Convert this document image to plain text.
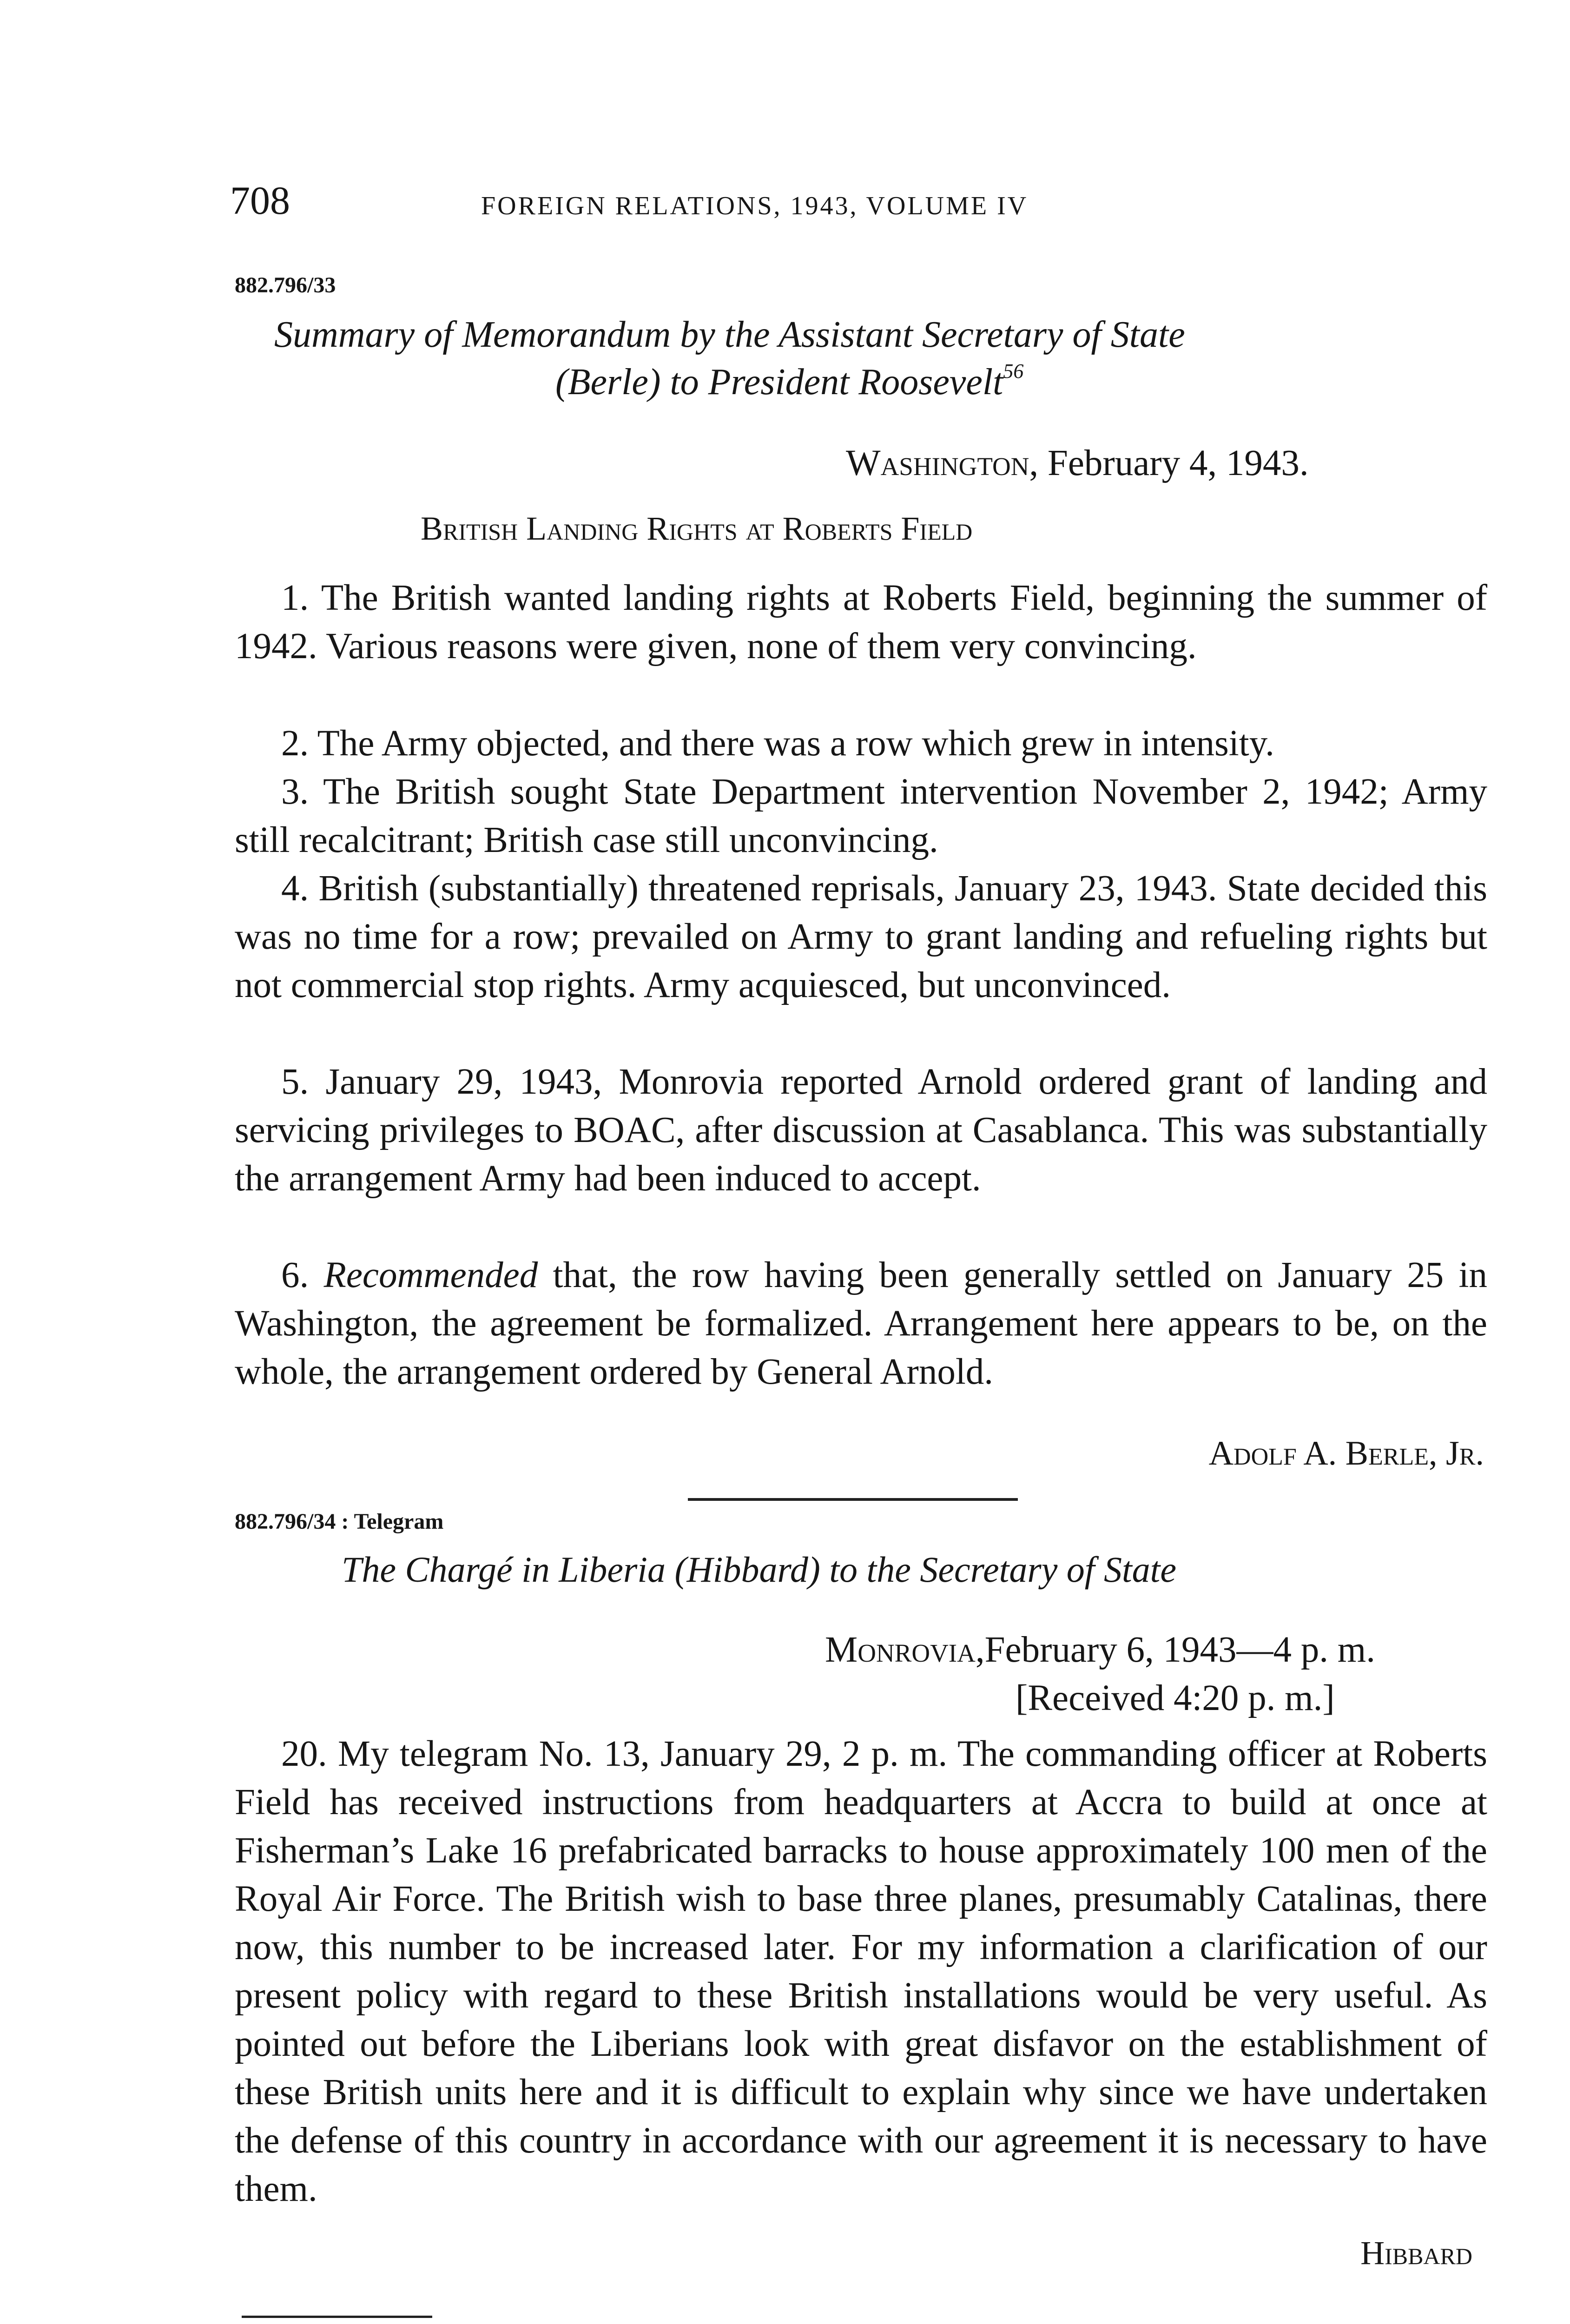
708	FOREIGN RELATIONS, 1943, VOLUME IV
882.796/33
Summary of Memorandum by the Assistant Secretary of State
(Berle) to President Roosevelt$^{56}$
Washington, February 4, 1943.
British Landing Rights at Roberts Field

1. The British wanted landing rights at Roberts Field, beginning the summer of 1942. Various reasons were given, none of them very convincing.

2. The Army objected, and there was a row which grew in intensity.

3. The British sought State Department intervention November 2, 1942; Army still recalcitrant; British case still unconvincing.

4. British (substantially) threatened reprisals, January 23, 1943. State decided this was no time for a row; prevailed on Army to grant landing and refueling rights but not commercial stop rights. Army acquiesced, but unconvinced.

5. January 29, 1943, Monrovia reported Arnold ordered grant of landing and servicing privileges to BOAC, after discussion at Casablanca. This was substantially the arrangement Army had been induced to accept.

6. Recommended that, the row having been generally settled on January 25 in Washington, the agreement be formalized. Arrangement here appears to be, on the whole, the arrangement ordered by General Arnold.

Adolf A. Berle, Jr.
882.796/34 : Telegram
The Chargé in Liberia (Hibbard) to the Secretary of State
Monrovia,February 6, 1943—4 p. m.
[Received 4:20 p. m.]

20. My telegram No. 13, January 29, 2 p. m. The commanding officer at Roberts Field has received instructions from headquarters at Accra to build at once at Fisherman’s Lake 16 prefabricated barracks to house approximately 100 men of the Royal Air Force. The British wish to base three planes, presumably Catalinas, there now, this number to be increased later. For my information a clarification of our present policy with regard to these British installations would be very useful. As pointed out before the Liberians look with great disfavor on the establishment of these British units here and it is difficult to explain why since we have undertaken the defense of this country in accordance with our agreement it is necessary to have them.

Hibbard
